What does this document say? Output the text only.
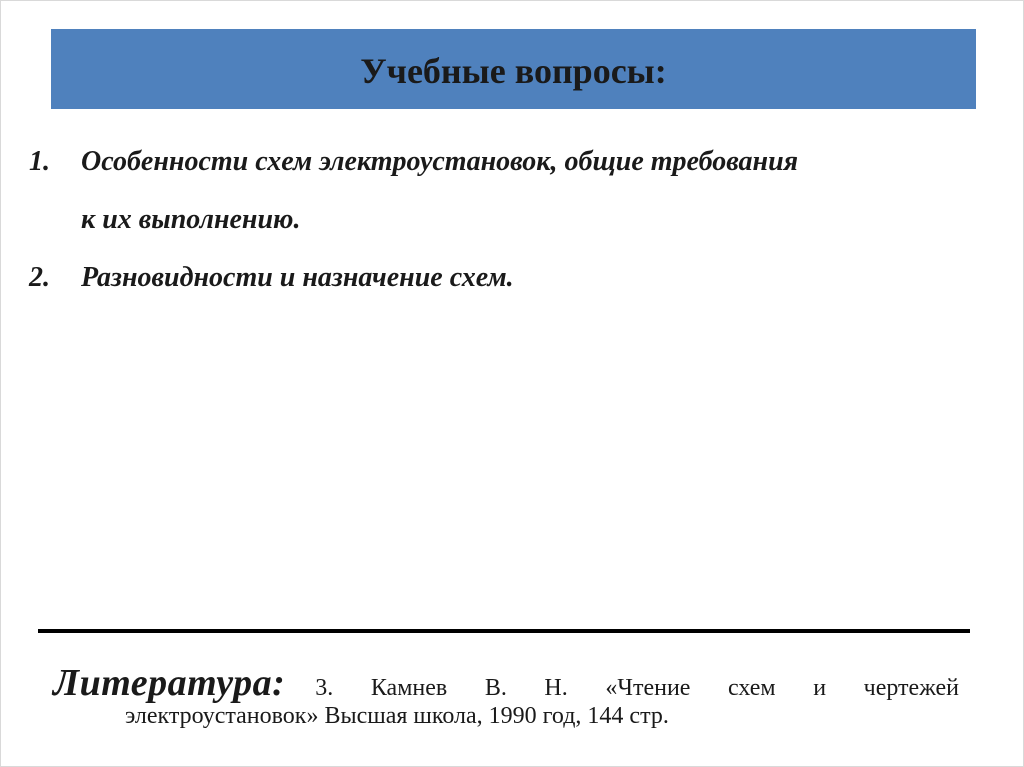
Учебные вопросы:
1.	Особенности схем электроустановок, общие требования
к их выполнению.
2.	Разновидности и назначение схем.
Литература: 3. Камнев В. Н. «Чтение схем и чертежей
электроустановок» Высшая школа, 1990 год, 144 стр.
